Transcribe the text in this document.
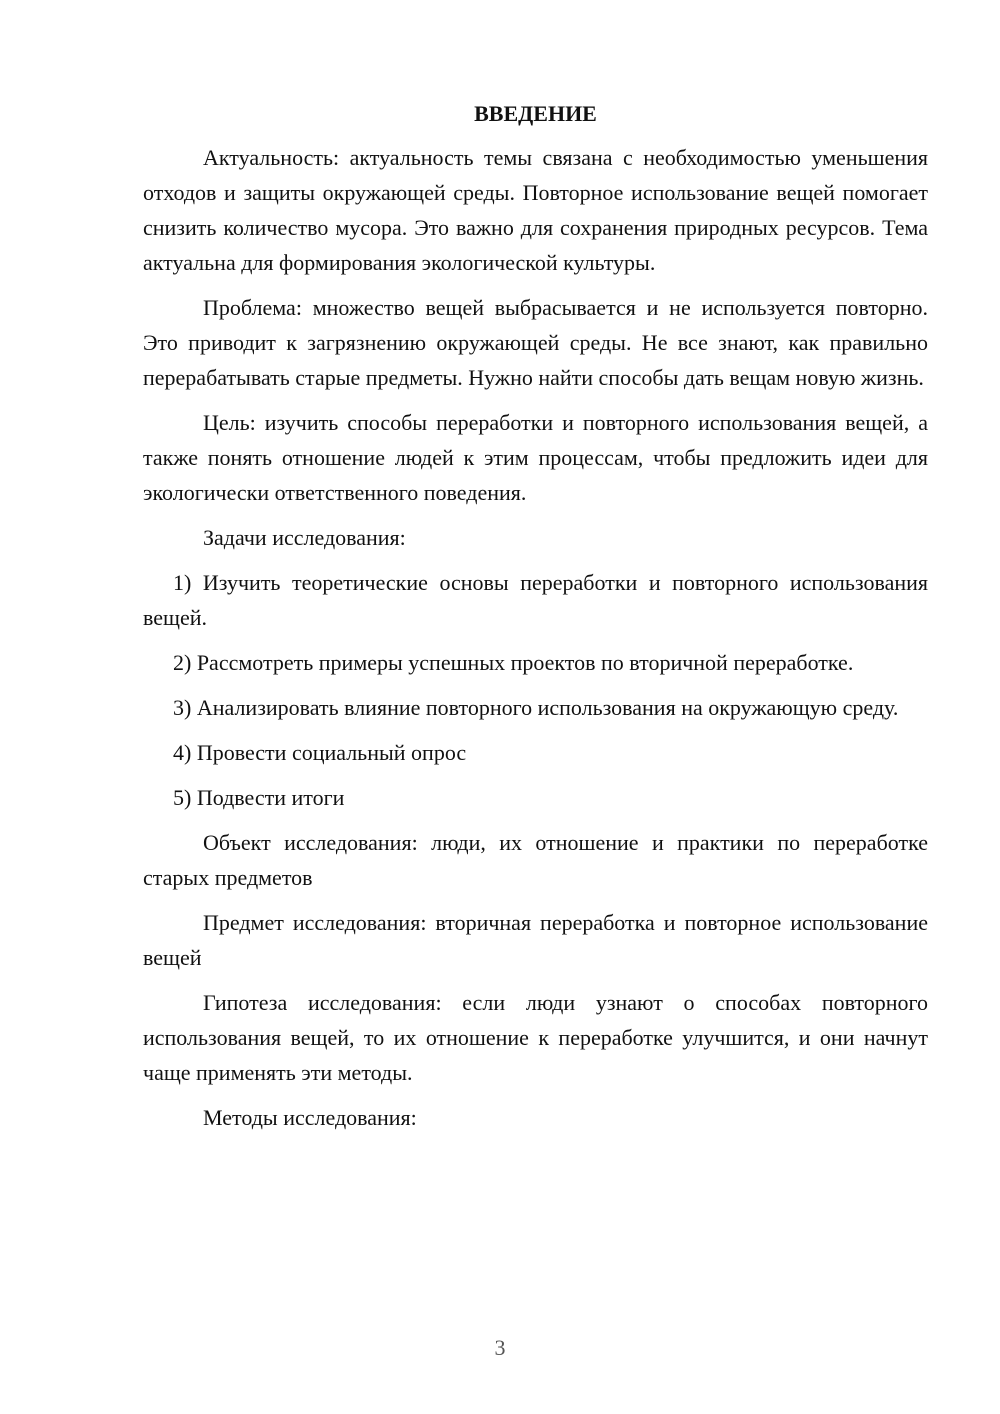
ВВЕДЕНИЕ

Актуальность: актуальность темы связана с необходимостью уменьшения отходов и защиты окружающей среды. Повторное использование вещей помогает снизить количество мусора. Это важно для сохранения природных ресурсов. Тема актуальна для формирования экологической культуры.

Проблема: множество вещей выбрасывается и не используется повторно. Это приводит к загрязнению окружающей среды. Не все знают, как правильно перерабатывать старые предметы. Нужно найти способы дать вещам новую жизнь.

Цель: изучить способы переработки и повторного использования вещей, а также понять отношение людей к этим процессам, чтобы предложить идеи для экологически ответственного поведения.

Задачи исследования:

1) Изучить теоретические основы переработки и повторного использования вещей.

2) Рассмотреть примеры успешных проектов по вторичной переработке.

3) Анализировать влияние повторного использования на окружающую среду.

4) Провести социальный опрос

5) Подвести итоги

Объект исследования: люди, их отношение и практики по переработке старых предметов

Предмет исследования: вторичная переработка и повторное использование вещей

Гипотеза исследования: если люди узнают о способах повторного использования вещей, то их отношение к переработке улучшится, и они начнут чаще применять эти методы.

Методы исследования:

3
